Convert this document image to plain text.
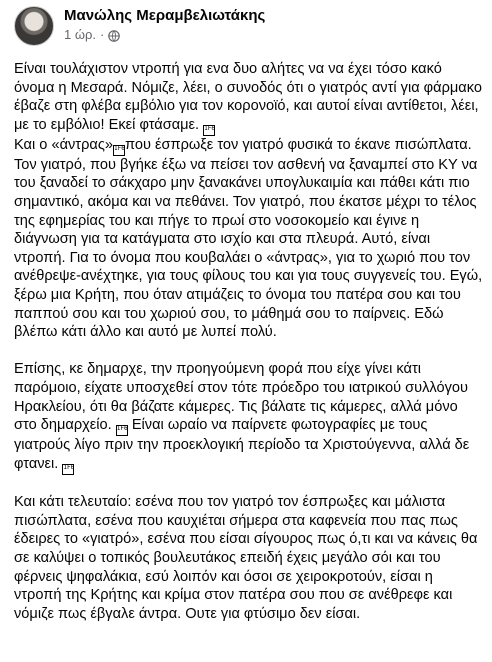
Μανώλης Μεραμβελιωτάκης
1 ώρ. ·

Είναι τουλάχιστον ντροπή για ενα δυο αλήτες να να έχει τόσο κακό όνομα η Μεσαρά. Νόμιζε, λέει, ο συνοδός ότι ο γιατρός αντί για φάρμακο έβαζε στη φλέβα εμβόλιο για τον κορονοϊό, και αυτοί είναι αντίθετοι, λέει, με το εμβόλιο! Εκεί φτάσαμε. 1F6
Και ο «άντρας»1F6που έσπρωξε τον γιατρό φυσικά το έκανε πισώπλατα. Τον γιατρό, που βγήκε έξω να πείσει τον ασθενή να ξαναμπεί στο ΚΥ να του ξαναδεί το σάκχαρο μην ξανακάνει υπογλυκαιμία και πάθει κάτι πιο σημαντικό, ακόμα και να πεθάνει. Τον γιατρό, που έκατσε μέχρι το τέλος της εφημερίας του και πήγε το πρωί στο νοσοκομείο και έγινε η διάγνωση για τα κατάγματα στο ισχίο και στα πλευρά. Αυτό, είναι ντροπή. Για το όνομα που κουβαλάει ο «άντρας», για το χωριό που τον ανέθρεψε-ανέχτηκε, για τους φίλους του και για τους συγγενείς του. Εγώ, ξέρω μια Κρήτη, που όταν ατιμάζεις το όνομα του πατέρα σου και του παππού σου και του χωριού σου, το μάθημά σου το παίρνεις. Εδώ βλέπω κάτι άλλο και αυτό με λυπεί πολύ.

Επίσης, κε δημαρχε, την προηγούμενη φορά που είχε γίνει κάτι παρόμοιο, είχατε υποσχεθεί στον τότε πρόεδρο του ιατρικού συλλόγου Ηρακλείου, ότι θα βάζατε κάμερες. Τις βάλατε τις κάμερες, αλλά μόνο στο δημαρχείο. 1F6 Είναι ωραίο να παίρνετε φωτογραφίες με τους γιατρούς λίγο πριν την προεκλογική περίοδο τα Χριστούγεννα, αλλά δε φτανει. 1F6

Και κάτι τελευταίο: εσένα που τον γιατρό τον έσπρωξες και μάλιστα πισώπλατα, εσένα που καυχιέται σήμερα στα καφενεία που πας πως έδειρες το «γιατρό», εσένα που είσαι σίγουρος πως ό,τι και να κάνεις θα σε καλύψει ο τοπικός βουλευτάκος επειδή έχεις μεγάλο σόι και του φέρνεις ψηφαλάκια, εσύ λοιπόν και όσοι σε χειροκροτούν, είσαι η ντροπή της Κρήτης και κρίμα στον πατέρα σου που σε ανέθρεφε και νόμιζε πως έβγαλε άντρα. Ουτε για φτύσιμο δεν είσαι.
